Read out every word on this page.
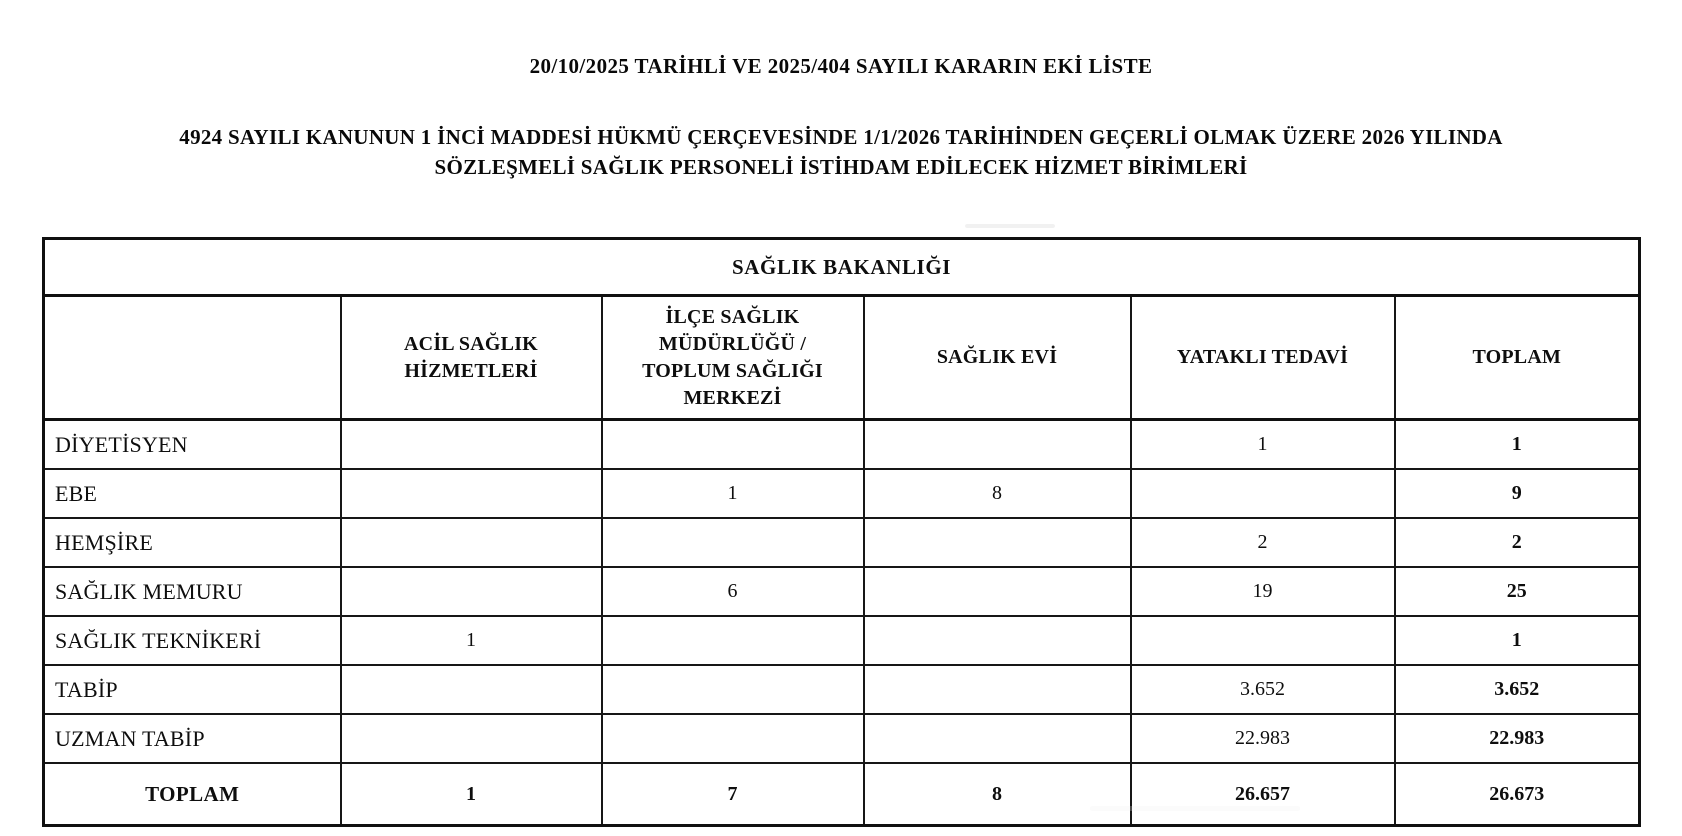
20/10/2025 TARİHLİ VE 2025/404 SAYILI KARARIN EKİ LİSTE
4924 SAYILI KANUNUN 1 İNCİ MADDESİ HÜKMÜ ÇERÇEVESİNDE 1/1/2026 TARİHİNDEN GEÇERLİ OLMAK ÜZERE 2026 YILINDA SÖZLEŞMELİ SAĞLIK PERSONELİ İSTİHDAM EDİLECEK HİZMET BİRİMLERİ
SAĞLIK BAKANLIĞI					
	ACİL SAĞLIK HİZMETLERİ	İLÇE SAĞLIK MÜDÜRLÜĞÜ / TOPLUM SAĞLIĞI MERKEZİ	SAĞLIK EVİ	YATAKLI TEDAVİ	TOPLAM
DİYETİSYEN				1	1
EBE		1	8		9
HEMŞİRE				2	2
SAĞLIK MEMURU		6		19	25
SAĞLIK TEKNİKERİ	1				1
TABİP				3.652	3.652
UZMAN TABİP				22.983	22.983
TOPLAM	1	7	8	26.657	26.673
